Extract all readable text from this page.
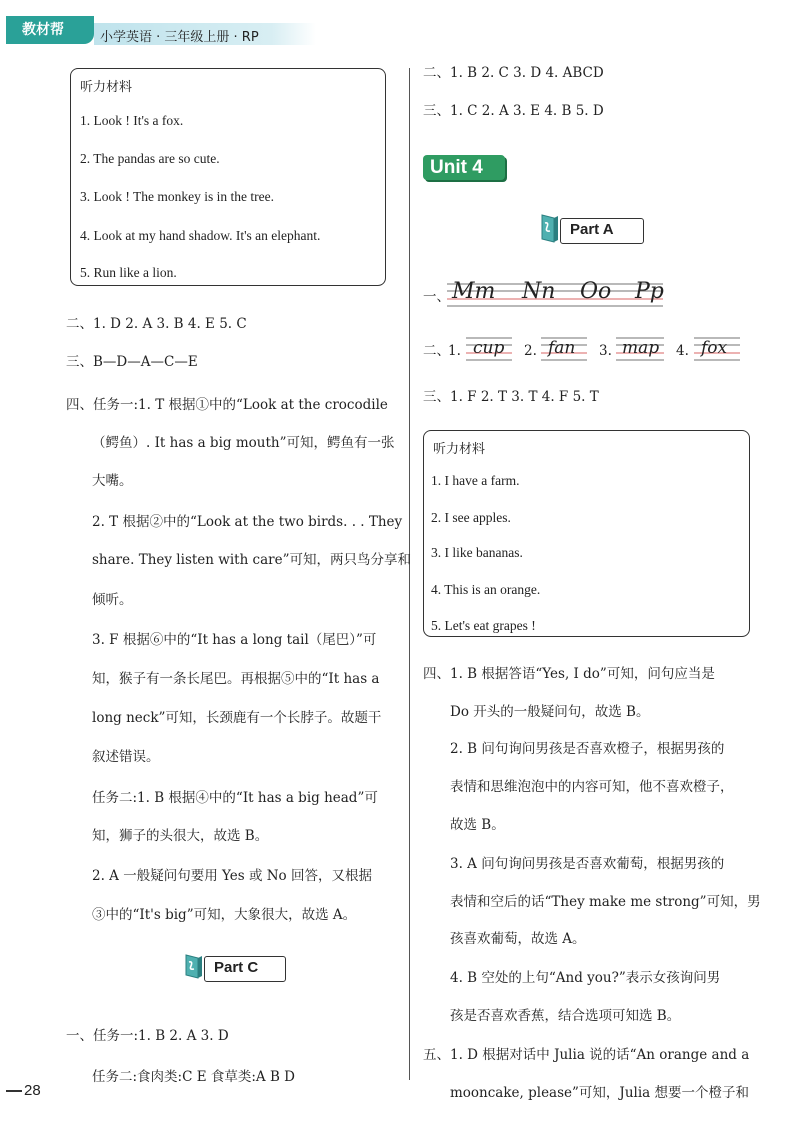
教材帮	小学英语 · 三年级上册 · RP
听力材料
1. Look ! It's a fox.
2. The pandas are so cute.
3. Look ! The monkey is in the tree.
4. Look at my hand shadow. It's an elephant.
5. Run like a lion.
二、1. D 2. A 3. B 4. E 5. C
三、B—D—A—C—E
四、任务一:1. T 根据①中的“Look at the crocodile
（鳄鱼）. It has a big mouth”可知，鳄鱼有一张
大嘴。
2. T 根据②中的“Look at the two birds. . . They
share. They listen with care”可知，两只鸟分享和
倾听。
3. F 根据⑥中的“It has a long tail（尾巴）”可
知，猴子有一条长尾巴。再根据⑤中的“It has a
long neck”可知，长颈鹿有一个长脖子。故题干
叙述错误。
任务二:1. B 根据④中的“It has a big head”可
知，狮子的头很大，故选 B。
2. A 一般疑问句要用 Yes 或 No 回答，又根据
③中的“It's big”可知，大象很大，故选 A。
Part C
一、任务一:1. B 2. A 3. D
任务二:食肉类:C E 食草类:A B D
28
二、1. B 2. C 3. D 4. ABCD
三、1. C 2. A 3. E 4. B 5. D
Unit 4
Part A
一、 Mm Nn Oo Pp
二、
1. cup 2. fan 3. map 4. fox
三、1. F 2. T 3. T 4. F 5. T
听力材料
1. I have a farm.
2. I see apples.
3. I like bananas.
4. This is an orange.
5. Let's eat grapes !
四、1. B 根据答语“Yes, I do”可知，问句应当是
Do 开头的一般疑问句，故选 B。
2. B 问句询问男孩是否喜欢橙子，根据男孩的
表情和思维泡泡中的内容可知，他不喜欢橙子，
故选 B。
3. A 问句询问男孩是否喜欢葡萄，根据男孩的
表情和空后的话“They make me strong”可知，男
孩喜欢葡萄，故选 A。
4. B 空处的上句“And you?”表示女孩询问男
孩是否喜欢香蕉，结合选项可知选 B。
五、1. D 根据对话中 Julia 说的话“An orange and a
mooncake, please”可知，Julia 想要一个橙子和
